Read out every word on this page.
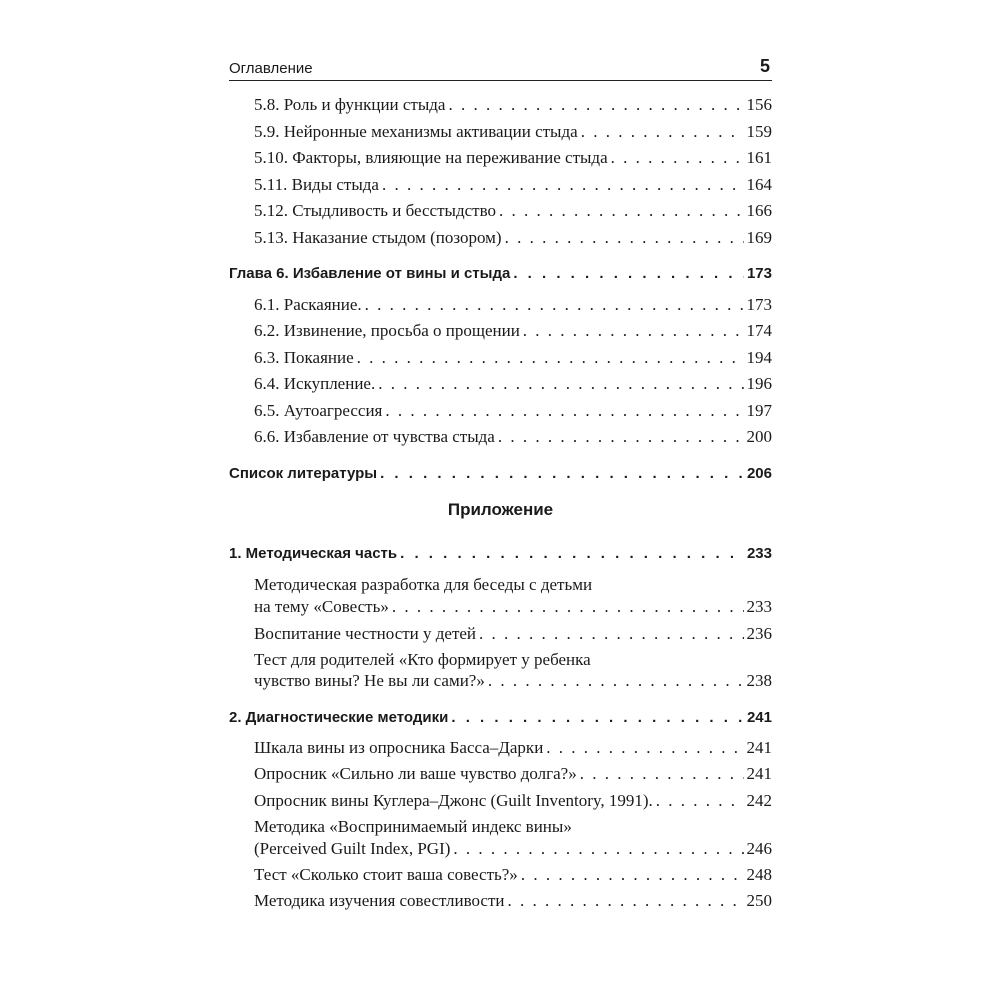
Оглавление	5
5.8. Роль и функции стыда . . .	156
5.9. Нейронные механизмы активации стыда . . .	159
5.10. Факторы, влияющие на переживание стыда . . .	161
5.11. Виды стыда . . .	164
5.12. Стыдливость и бесстыдство . . .	166
5.13. Наказание стыдом (позором) . . .	169
Глава 6. Избавление от вины и стыда . . .	173
6.1. Раскаяние. . . .	173
6.2. Извинение, просьба о прощении . . .	174
6.3. Покаяние . . .	194
6.4. Искупление. . . .	196
6.5. Аутоагрессия . . .	197
6.6. Избавление от чувства стыда . . .	200
Список литературы . . .	206
Приложение
1. Методическая часть . . .	233
Методическая разработка для беседы с детьми
на тему «Совесть» . . .	233
Воспитание честности у детей . . .	236
Тест для родителей «Кто формирует у ребенка
чувство вины? Не вы ли сами?» . . .	238
2. Диагностические методики . . .	241
Шкала вины из опросника Басса–Дарки . . .	241
Опросник «Сильно ли ваше чувство долга?» . . .	241
Опросник вины Куглера–Джонс (Guilt Inventory, 1991). . . .	242
Методика «Воспринимаемый индекс вины»
(Perceived Guilt Index, PGI) . . .	246
Тест «Сколько стоит ваша совесть?» . . .	248
Методика изучения совестливости . . .	250
